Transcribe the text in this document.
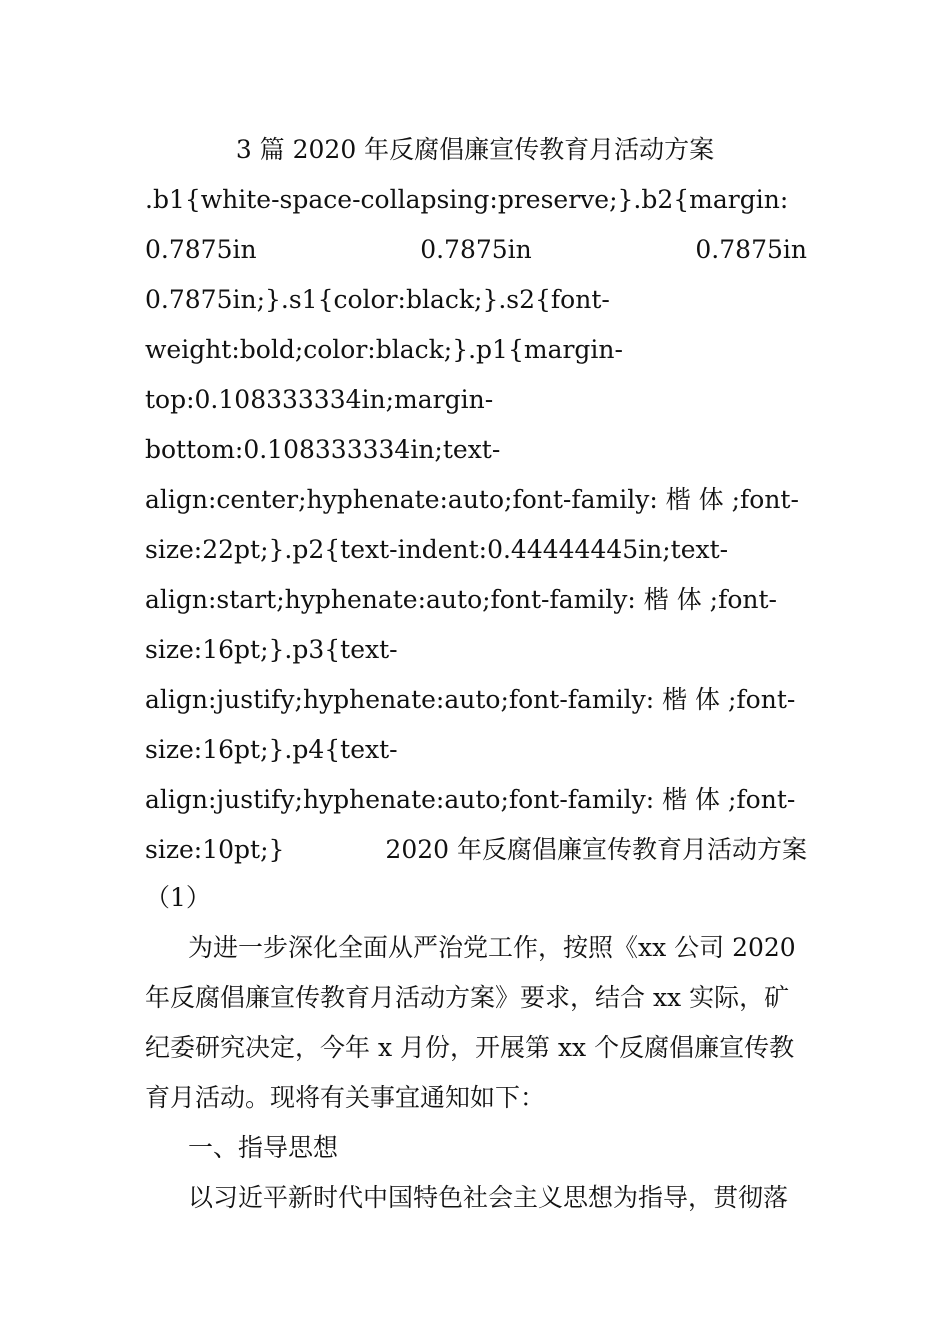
3 篇 2020 年反腐倡廉宣传教育月活动方案
.b1{white-space-collapsing:preserve;}.b2{margin:
0.7875in	0.7875in	0.7875in
0.7875in;}.s1{color:black;}.s2{font-
weight:bold;color:black;}.p1{margin-
top:0.108333334in;margin-
bottom:0.108333334in;text-
align:center;hyphenate:auto;font-family: 楷 体 ;font-
size:22pt;}.p2{text-indent:0.44444445in;text-
align:start;hyphenate:auto;font-family: 楷 体 ;font-
size:16pt;}.p3{text-
align:justify;hyphenate:auto;font-family: 楷 体 ;font-
size:16pt;}.p4{text-
align:justify;hyphenate:auto;font-family: 楷 体 ;font-
size:10pt;}	2020 年反腐倡廉宣传教育月活动方案
（1）
为进一步深化全面从严治党工作，按照《xx 公司 2020
年反腐倡廉宣传教育月活动方案》要求，结合 xx 实际，矿
纪委研究决定，今年 x 月份，开展第 xx 个反腐倡廉宣传教
育月活动。现将有关事宜通知如下：
一、指导思想
以习近平新时代中国特色社会主义思想为指导，贯彻落
